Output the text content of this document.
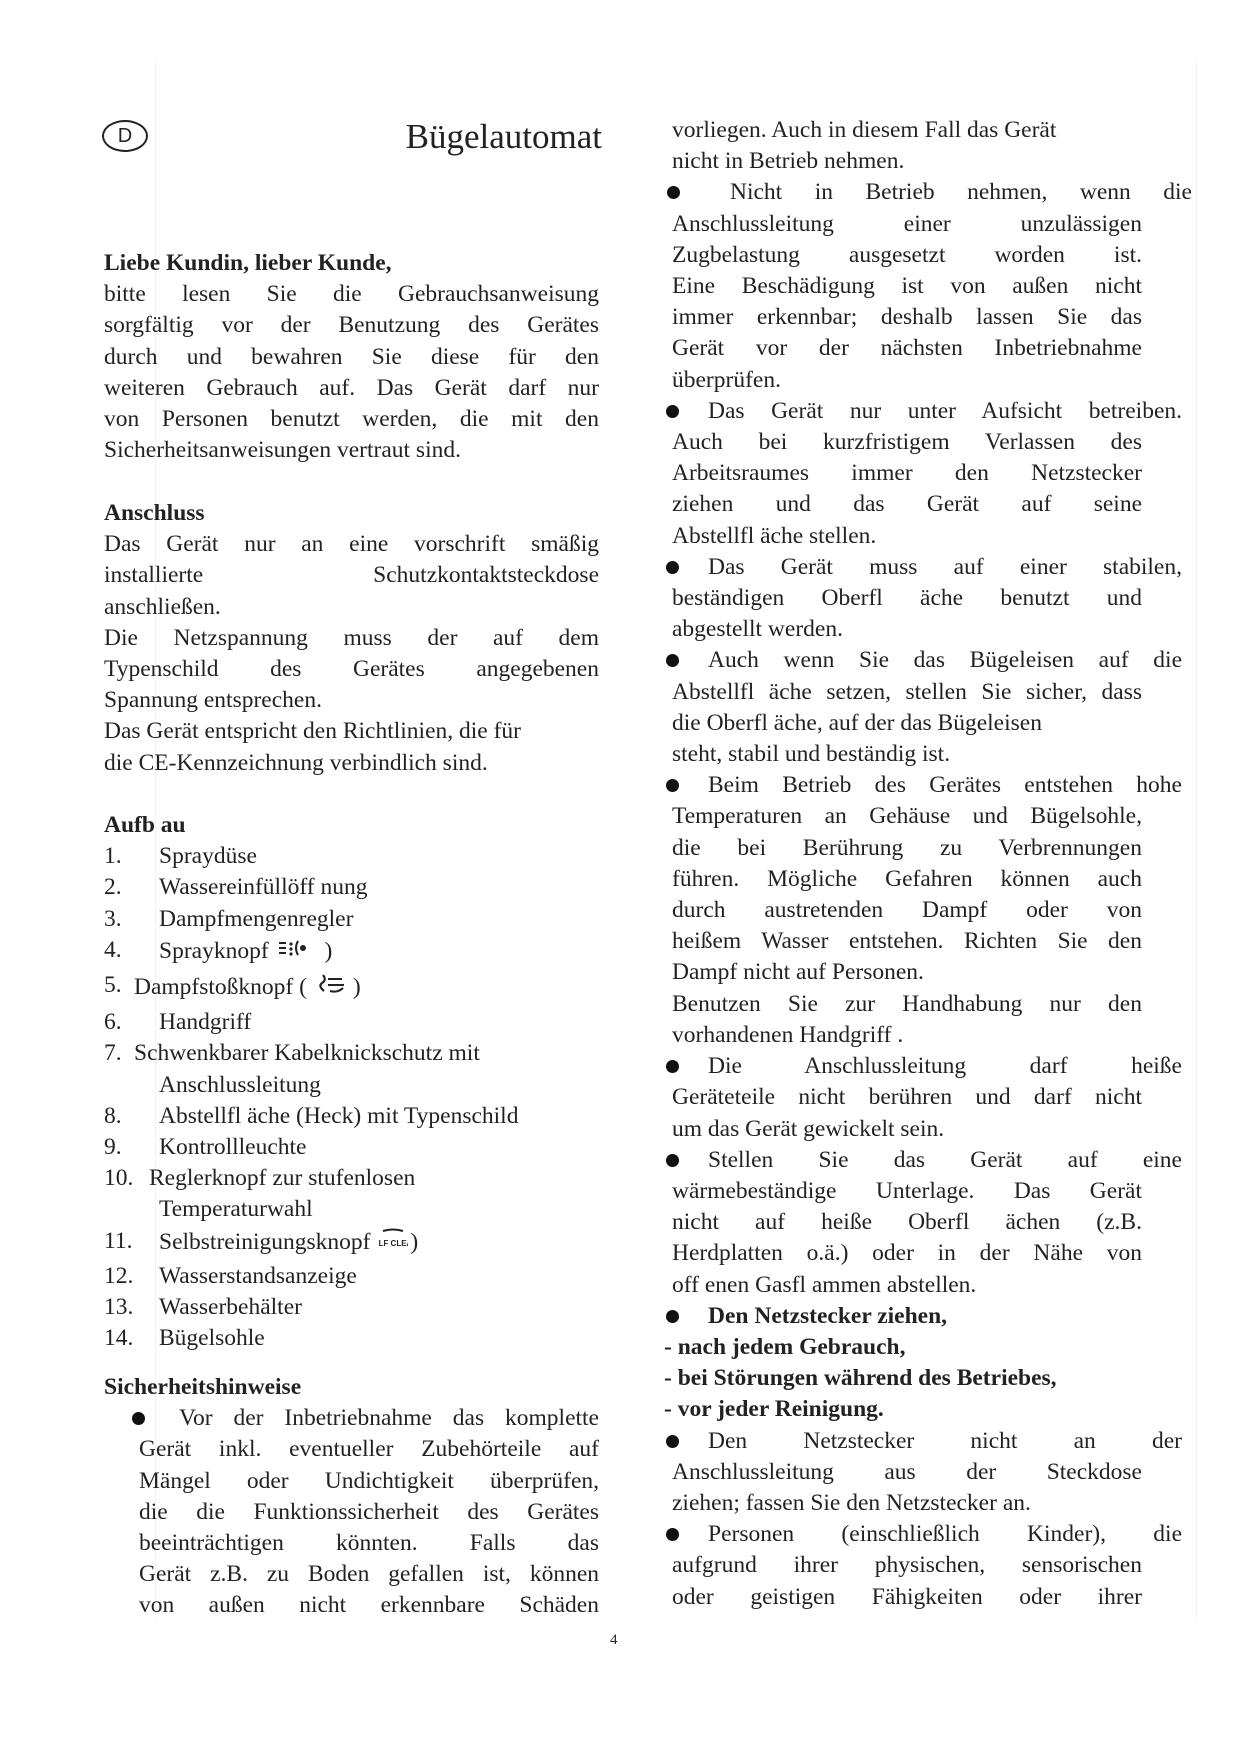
D	Bügelautomat

Liebe Kundin, lieber Kunde,

bitte lesen Sie die Gebrauchsanweisung

sorgfältig vor der Benutzung des Gerätes

durch und bewahren Sie diese für den

weiteren Gebrauch auf. Das Gerät darf nur

von Personen benutzt werden, die mit den

Sicherheitsanweisungen vertraut sind.

Anschluss

Das Gerät nur an eine vorschrift smäßig

installierte Schutzkontaktsteckdose

anschließen.

Die Netzspannung muss der auf dem

Typenschild des Gerätes angegebenen

Spannung entsprechen.

Das Gerät entspricht den Richtlinien, die für

die CE-Kennzeichnung verbindlich sind.

Aufb au

1. Spraydüse
2. Wassereinfüllöff nung
3. Dampfmengenregler
4. Sprayknopf )
5. Dampfstoßknopf ( )
6. Handgriff
7. Schwenkbarer Kabelknickschutz mit
Anschlussleitung
8. Abstellfl äche (Heck) mit Typenschild
9. Kontrollleuchte
10. Reglerknopf zur stufenlosen
Temperaturwahl
11. Selbstreinigungsknopf	LF CLE )
12. Wasserstandsanzeige
13. Wasserbehälter
14. Bügelsohle

Sicherheitshinweise

Vor der Inbetriebnahme das komplette

Gerät inkl. eventueller Zubehörteile auf

Mängel oder Undichtigkeit überprüfen,

die die Funktionssicherheit des Gerätes

beeinträchtigen könnten. Falls das

Gerät z.B. zu Boden gefallen ist, können

von außen nicht erkennbare Schäden

vorliegen. Auch in diesem Fall das Gerät

nicht in Betrieb nehmen.

Nicht in Betrieb nehmen, wenn die

Anschlussleitung einer unzulässigen

Zugbelastung ausgesetzt worden ist.

Eine Beschädigung ist von außen nicht

immer erkennbar; deshalb lassen Sie das

Gerät vor der nächsten Inbetriebnahme

überprüfen.

Das Gerät nur unter Aufsicht betreiben.

Auch bei kurzfristigem Verlassen des

Arbeitsraumes immer den Netzstecker

ziehen und das Gerät auf seine

Abstellfl äche stellen.

Das Gerät muss auf einer stabilen,

beständigen Oberfl äche benutzt und

abgestellt werden.

Auch wenn Sie das Bügeleisen auf die

Abstellfl äche setzen, stellen Sie sicher, dass

die Oberfl äche, auf der das Bügeleisen

steht, stabil und beständig ist.

Beim Betrieb des Gerätes entstehen hohe

Temperaturen an Gehäuse und Bügelsohle,

die bei Berührung zu Verbrennungen

führen. Mögliche Gefahren können auch

durch austretenden Dampf oder von

heißem Wasser entstehen. Richten Sie den

Dampf nicht auf Personen.

Benutzen Sie zur Handhabung nur den

vorhandenen Handgriff .

Die Anschlussleitung darf heiße

Geräteteile nicht berühren und darf nicht

um das Gerät gewickelt sein.

Stellen Sie das Gerät auf eine

wärmebeständige Unterlage. Das Gerät

nicht auf heiße Oberfl ächen (z.B.

Herdplatten o.ä.) oder in der Nähe von

off enen Gasfl ammen abstellen.

Den Netzstecker ziehen,

- nach jedem Gebrauch,

- bei Störungen während des Betriebes,

- vor jeder Reinigung.

Den Netzstecker nicht an der

Anschlussleitung aus der Steckdose

ziehen; fassen Sie den Netzstecker an.

Personen (einschließlich Kinder), die

aufgrund ihrer physischen, sensorischen

oder geistigen Fähigkeiten oder ihrer

4
